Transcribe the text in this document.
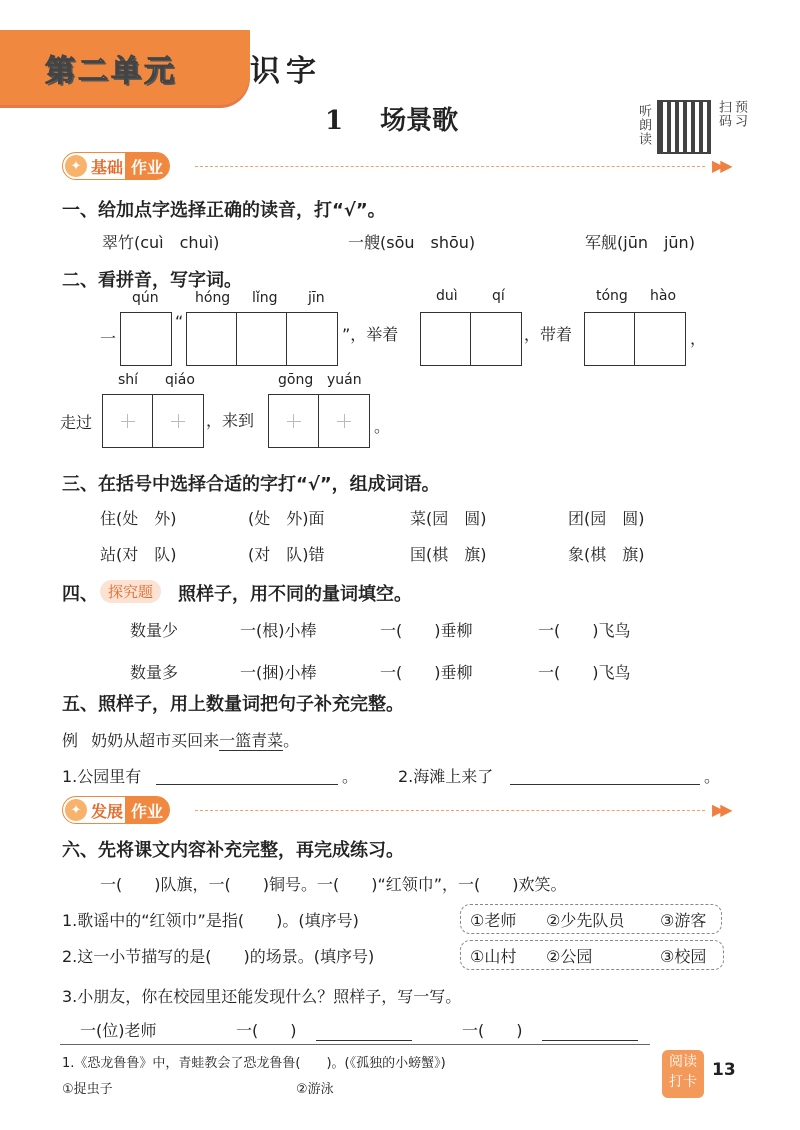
第二单元 识字
1 场景歌	听朗读	扫码 预习
✦ 基础 作业	▶▶
一、给加点字选择正确的读音，打“√”。
翠竹(cuì　chuì)	一艘(sōu　shōu)	军舰(jūn　jūn)
二、看拼音，写字词。
qún	hóng lǐng jīn	duì qí	tóng hào
一
“
”，举着	，带着	，
shí qiáo	gōng yuán
走过	，来到	。
三、在括号中选择合适的字打“√”，组成词语。
住(处　外)	(处　外)面	菜(园　圆)	团(园　圆)
站(对　队)	(对　队)错	国(棋　旗)	象(棋　旗)
四、 探究题	照样子，用不同的量词填空。
数量少	一(根)小棒	一(　　)垂柳	一(　　)飞鸟
数量多	一(捆)小棒	一(　　)垂柳	一(　　)飞鸟
五、照样子，用上数量词把句子补充完整。
例 奶奶从超市买回来一篮青菜。
1.公园里有	。 2.海滩上来了	。
✦ 发展 作业	▶▶
六、先将课文内容补充完整，再完成练习。
一(　　)队旗，一(　　)铜号。一(　　)“红领巾”，一(　　)欢笑。
1.歌谣中的“红领巾”是指(　　)。(填序号)	①老师 ②少先队员 ③游客
2.这一小节描写的是(　　)的场景。(填序号)	①山村 ②公园	③校园
3.小朋友，你在校园里还能发现什么？照样子，写一写。
一(位)老师	一(　　)	一(　　)
1.《恐龙鲁鲁》中，青蛙教会了恐龙鲁鲁(　　)。(《孤独的小螃蟹》)
①捉虫子	②游泳
阅读
打卡
13
